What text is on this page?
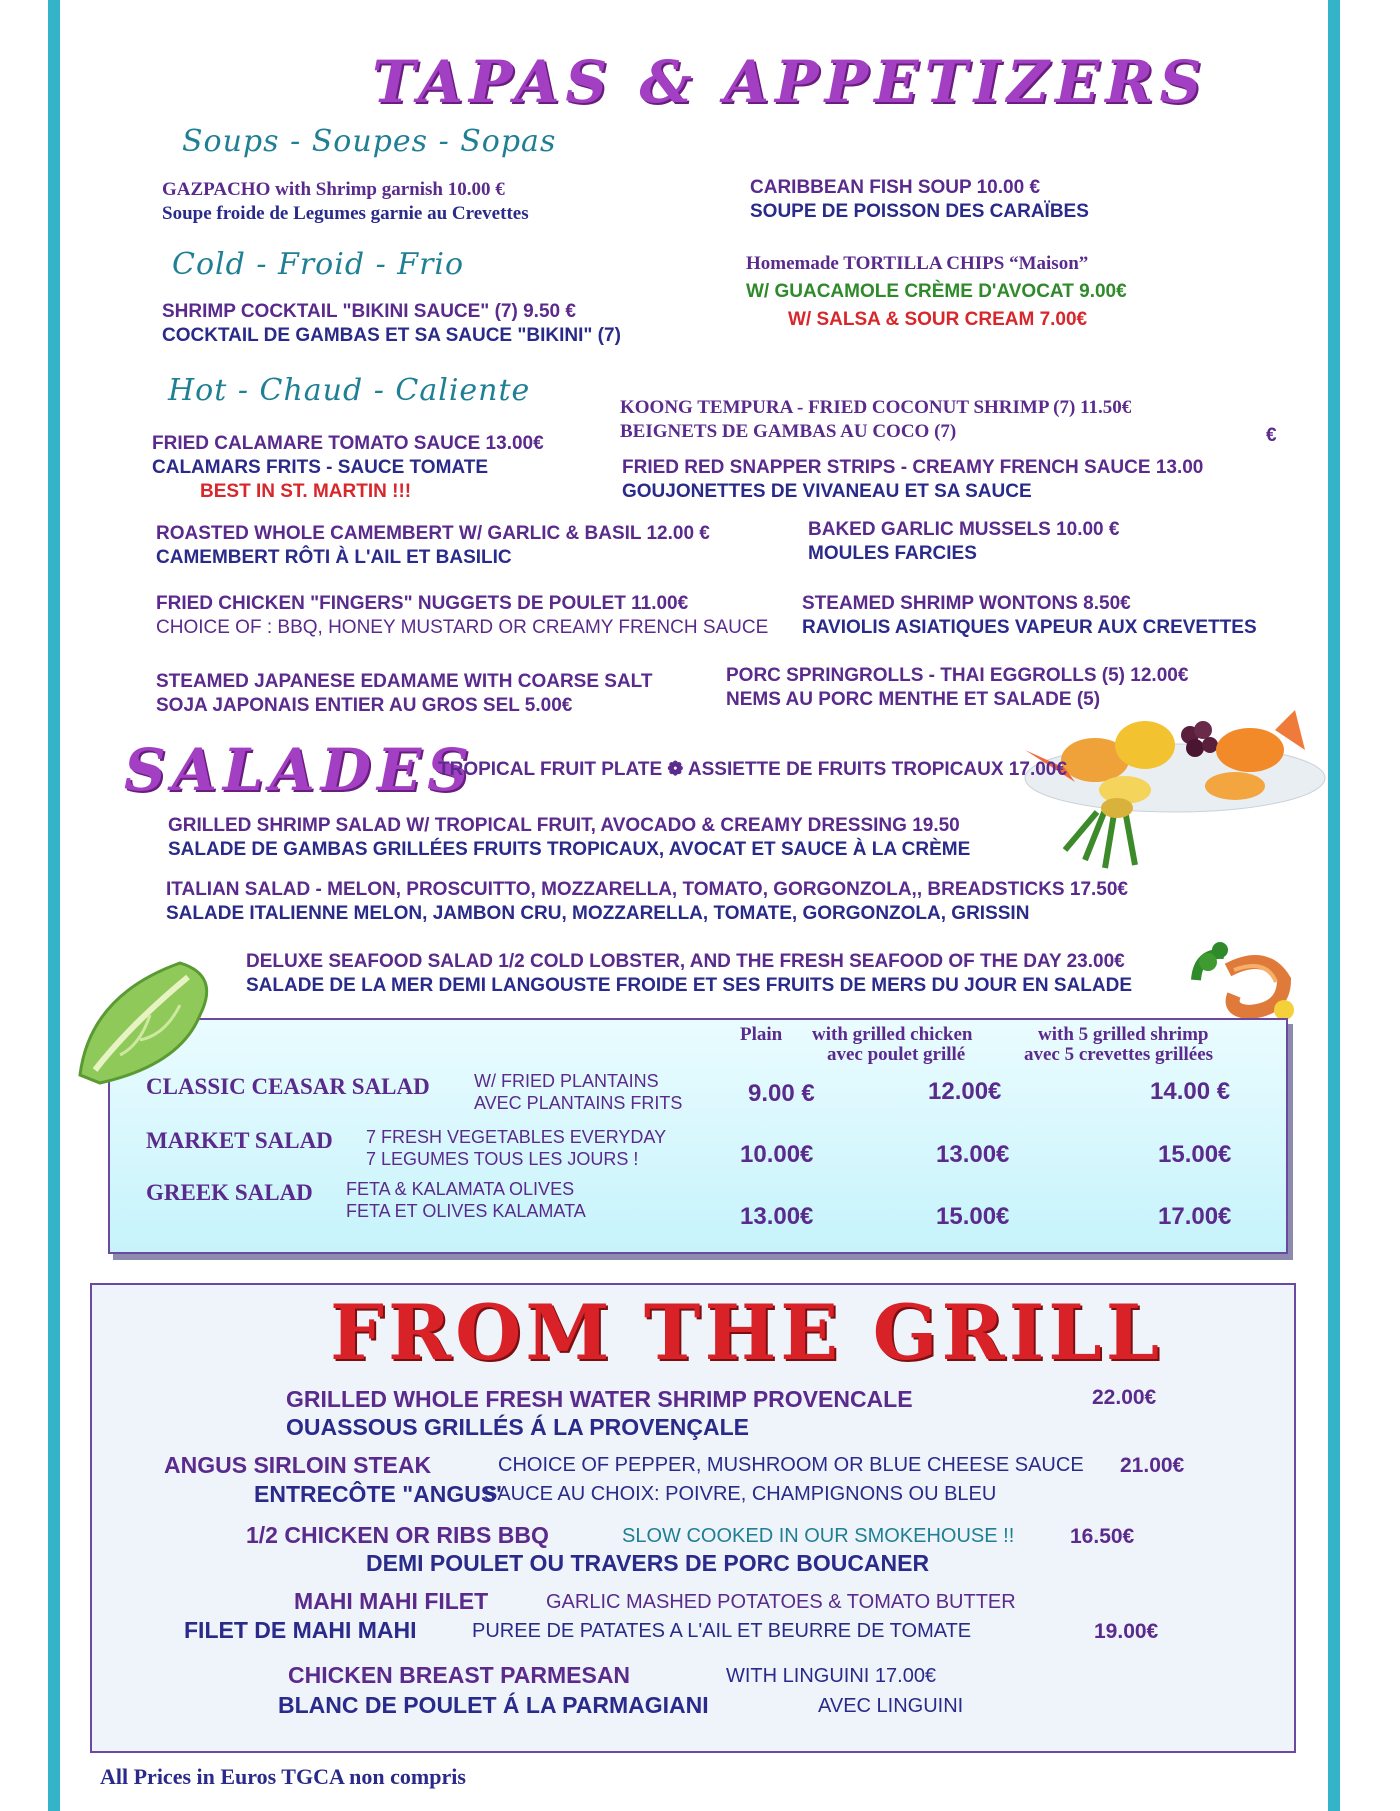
TAPAS & APPETIZERS
Soups - Soupes - Sopas
Cold - Froid - Frio
Hot - Chaud - Caliente
GAZPACHO with Shrimp garnish 10.00 €
Soupe froide de Legumes garnie au Crevettes
CARIBBEAN FISH SOUP 10.00 €
SOUPE DE POISSON DES CARAÏBES
Homemade TORTILLA CHIPS “Maison”
W/ GUACAMOLE CRÈME D'AVOCAT 9.00€
W/ SALSA & SOUR CREAM 7.00€
SHRIMP COCKTAIL "BIKINI SAUCE" (7) 9.50 €
COCKTAIL DE GAMBAS ET SA SAUCE "BIKINI" (7)
KOONG TEMPURA - FRIED COCONUT SHRIMP (7) 11.50€
BEIGNETS DE GAMBAS AU COCO (7)	€
FRIED CALAMARE TOMATO SAUCE 13.00€
CALAMARS FRITS - SAUCE TOMATE
BEST IN ST. MARTIN !!!
FRIED RED SNAPPER STRIPS - CREAMY FRENCH SAUCE 13.00
GOUJONETTES DE VIVANEAU ET SA SAUCE
ROASTED WHOLE CAMEMBERT W/ GARLIC & BASIL 12.00 €
CAMEMBERT RÔTI À L'AIL ET BASILIC
BAKED GARLIC MUSSELS 10.00 €
MOULES FARCIES
FRIED CHICKEN "FINGERS" NUGGETS DE POULET 11.00€
CHOICE OF : BBQ, HONEY MUSTARD OR CREAMY FRENCH SAUCE
STEAMED SHRIMP WONTONS 8.50€
RAVIOLIS ASIATIQUES VAPEUR AUX CREVETTES
STEAMED JAPANESE EDAMAME WITH COARSE SALT
SOJA JAPONAIS ENTIER AU GROS SEL 5.00€
PORC SPRINGROLLS - THAI EGGROLLS (5) 12.00€
NEMS AU PORC MENTHE ET SALADE (5)
SALADES
TROPICAL FRUIT PLATE ❁ ASSIETTE DE FRUITS TROPICAUX 17.00€
GRILLED SHRIMP SALAD W/ TROPICAL FRUIT, AVOCADO & CREAMY DRESSING 19.50
SALADE DE GAMBAS GRILLÉES FRUITS TROPICAUX, AVOCAT ET SAUCE À LA CRÈME
ITALIAN SALAD - MELON, PROSCUITTO, MOZZARELLA, TOMATO, GORGONZOLA,, BREADSTICKS 17.50€
SALADE ITALIENNE MELON, JAMBON CRU, MOZZARELLA, TOMATE, GORGONZOLA, GRISSIN
DELUXE SEAFOOD SALAD 1/2 COLD LOBSTER, AND THE FRESH SEAFOOD OF THE DAY 23.00€
SALADE DE LA MER DEMI LANGOUSTE FROIDE ET SES FRUITS DE MERS DU JOUR EN SALADE
Plain with grilled chicken
avec poulet grillé
with 5 grilled shrimp
avec 5 crevettes grillées
CLASSIC CEASAR SALAD W/ FRIED PLANTAINS
AVEC PLANTAINS FRITS	9.00 €	12.00€	14.00 €
MARKET SALAD 7 FRESH VEGETABLES EVERYDAY
7 LEGUMES TOUS LES JOURS !	10.00€	13.00€	15.00€
GREEK SALAD FETA & KALAMATA OLIVES
FETA ET OLIVES KALAMATA	13.00€	15.00€	17.00€
FROM THE GRILL
GRILLED WHOLE FRESH WATER SHRIMP PROVENCALE	22.00€
OUASSOUS GRILLÉS Á LA PROVENÇALE
ANGUS SIRLOIN STEAK	CHOICE OF PEPPER, MUSHROOM OR BLUE CHEESE SAUCE 21.00€
ENTRECÔTE "ANGUS'
SAUCE AU CHOIX: POIVRE, CHAMPIGNONS OU BLEU
1/2 CHICKEN OR RIBS BBQ	SLOW COOKED IN OUR SMOKEHOUSE !!	16.50€
DEMI POULET OU TRAVERS DE PORC BOUCANER
MAHI MAHI FILET	GARLIC MASHED POTATOES & TOMATO BUTTER
FILET DE MAHI MAHI	PUREE DE PATATES A L'AIL ET BEURRE DE TOMATE	19.00€
CHICKEN BREAST PARMESAN	WITH LINGUINI 17.00€
BLANC DE POULET Á LA PARMAGIANI	AVEC LINGUINI
All Prices in Euros TGCA non compris
